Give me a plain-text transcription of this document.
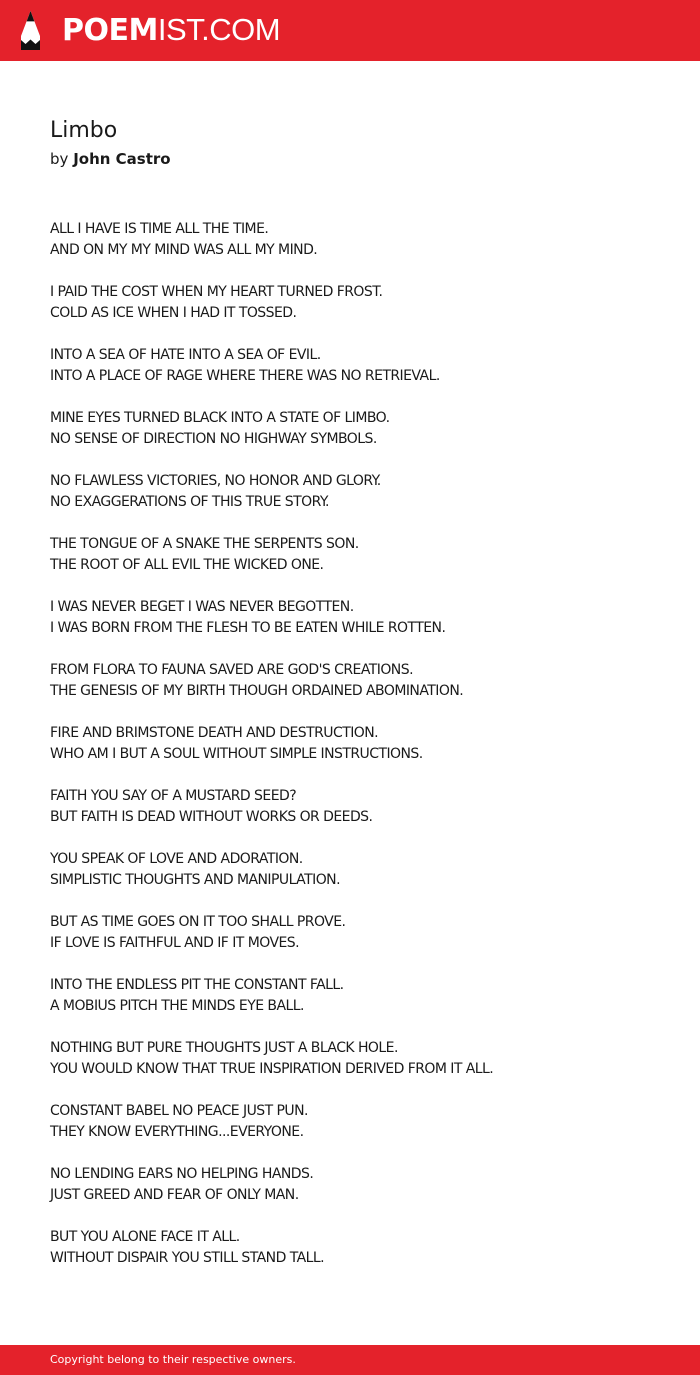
POEMIST.COM
Limbo
by John Castro
ALL I HAVE IS TIME ALL THE TIME.
AND ON MY MY MIND WAS ALL MY MIND.
I PAID THE COST WHEN MY HEART TURNED FROST.
COLD AS ICE WHEN I HAD IT TOSSED.
INTO A SEA OF HATE INTO A SEA OF EVIL.
INTO A PLACE OF RAGE WHERE THERE WAS NO RETRIEVAL.
MINE EYES TURNED BLACK INTO A STATE OF LIMBO.
NO SENSE OF DIRECTION NO HIGHWAY SYMBOLS.
NO FLAWLESS VICTORIES, NO HONOR AND GLORY.
NO EXAGGERATIONS OF THIS TRUE STORY.
THE TONGUE OF A SNAKE THE SERPENTS SON.
THE ROOT OF ALL EVIL THE WICKED ONE.
I WAS NEVER BEGET I WAS NEVER BEGOTTEN.
I WAS BORN FROM THE FLESH TO BE EATEN WHILE ROTTEN.
FROM FLORA TO FAUNA SAVED ARE GOD'S CREATIONS.
THE GENESIS OF MY BIRTH THOUGH ORDAINED ABOMINATION.
FIRE AND BRIMSTONE DEATH AND DESTRUCTION.
WHO AM I BUT A SOUL WITHOUT SIMPLE INSTRUCTIONS.
FAITH YOU SAY OF A MUSTARD SEED?
BUT FAITH IS DEAD WITHOUT WORKS OR DEEDS.
YOU SPEAK OF LOVE AND ADORATION.
SIMPLISTIC THOUGHTS AND MANIPULATION.
BUT AS TIME GOES ON IT TOO SHALL PROVE.
IF LOVE IS FAITHFUL AND IF IT MOVES.
INTO THE ENDLESS PIT THE CONSTANT FALL.
A MOBIUS PITCH THE MINDS EYE BALL.
NOTHING BUT PURE THOUGHTS JUST A BLACK HOLE.
YOU WOULD KNOW THAT TRUE INSPIRATION DERIVED FROM IT ALL.
CONSTANT BABEL NO PEACE JUST PUN.
THEY KNOW EVERYTHING...EVERYONE.
NO LENDING EARS NO HELPING HANDS.
JUST GREED AND FEAR OF ONLY MAN.
BUT YOU ALONE FACE IT ALL.
WITHOUT DISPAIR YOU STILL STAND TALL.
Copyright belong to their respective owners.
